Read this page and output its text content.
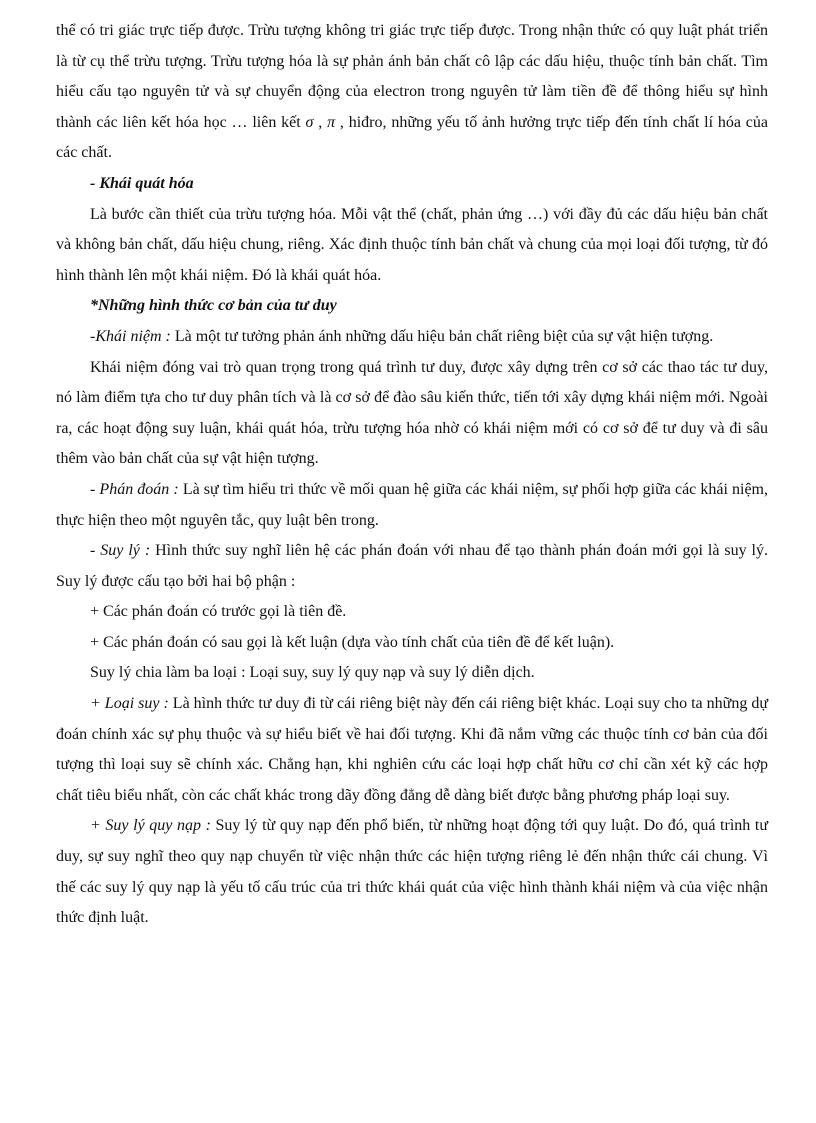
thể có tri giác trực tiếp được. Trừu tượng không tri giác trực tiếp được. Trong nhận thức có quy luật phát triển là từ cụ thể trừu tượng. Trừu tượng hóa là sự phản ánh bản chất cô lập các dấu hiệu, thuộc tính bản chất. Tìm hiểu cấu tạo nguyên tử và sự chuyển động của electron trong nguyên tử làm tiền đề để thông hiểu sự hình thành các liên kết hóa học … liên kết σ , π , hiđro, những yếu tố ảnh hưởng trực tiếp đến tính chất lí hóa của các chất.

- Khái quát hóa

Là bước cần thiết của trừu tượng hóa. Mỗi vật thể (chất, phản ứng …) với đầy đủ các dấu hiệu bản chất và không bản chất, dấu hiệu chung, riêng. Xác định thuộc tính bản chất và chung của mọi loại đối tượng, từ đó hình thành lên một khái niệm. Đó là khái quát hóa.

*Những hình thức cơ bản của tư duy

-Khái niệm : Là một tư tưởng phản ánh những dấu hiệu bản chất riêng biệt của sự vật hiện tượng.

Khái niệm đóng vai trò quan trọng trong quá trình tư duy, được xây dựng trên cơ sở các thao tác tư duy, nó làm điểm tựa cho tư duy phân tích và là cơ sở để đào sâu kiến thức, tiến tới xây dựng khái niệm mới. Ngoài ra, các hoạt động suy luận, khái quát hóa, trừu tượng hóa nhờ có khái niệm mới có cơ sở để tư duy và đi sâu thêm vào bản chất của sự vật hiện tượng.

- Phán đoán : Là sự tìm hiểu tri thức về mối quan hệ giữa các khái niệm, sự phối hợp giữa các khái niệm, thực hiện theo một nguyên tắc, quy luật bên trong.

- Suy lý : Hình thức suy nghĩ liên hệ các phán đoán với nhau để tạo thành phán đoán mới gọi là suy lý. Suy lý được cấu tạo bởi hai bộ phận :

+ Các phán đoán có trước gọi là tiên đề.

+ Các phán đoán có sau gọi là kết luận (dựa vào tính chất của tiên đề để kết luận).

Suy lý chia làm ba loại : Loại suy, suy lý quy nạp và suy lý diễn dịch.

+ Loại suy : Là hình thức tư duy đi từ cái riêng biệt này đến cái riêng biệt khác. Loại suy cho ta những dự đoán chính xác sự phụ thuộc và sự hiểu biết về hai đối tượng. Khi đã nắm vững các thuộc tính cơ bản của đối tượng thì loại suy sẽ chính xác. Chẳng hạn, khi nghiên cứu các loại hợp chất hữu cơ chỉ cần xét kỹ các hợp chất tiêu biểu nhất, còn các chất khác trong dãy đồng đẳng dễ dàng biết được bằng phương pháp loại suy.

+ Suy lý quy nạp : Suy lý từ quy nạp đến phổ biến, từ những hoạt động tới quy luật. Do đó, quá trình tư duy, sự suy nghĩ theo quy nạp chuyển từ việc nhận thức các hiện tượng riêng lẻ đến nhận thức cái chung. Vì thế các suy lý quy nạp là yếu tố cấu trúc của tri thức khái quát của việc hình thành khái niệm và của việc nhận thức định luật.
